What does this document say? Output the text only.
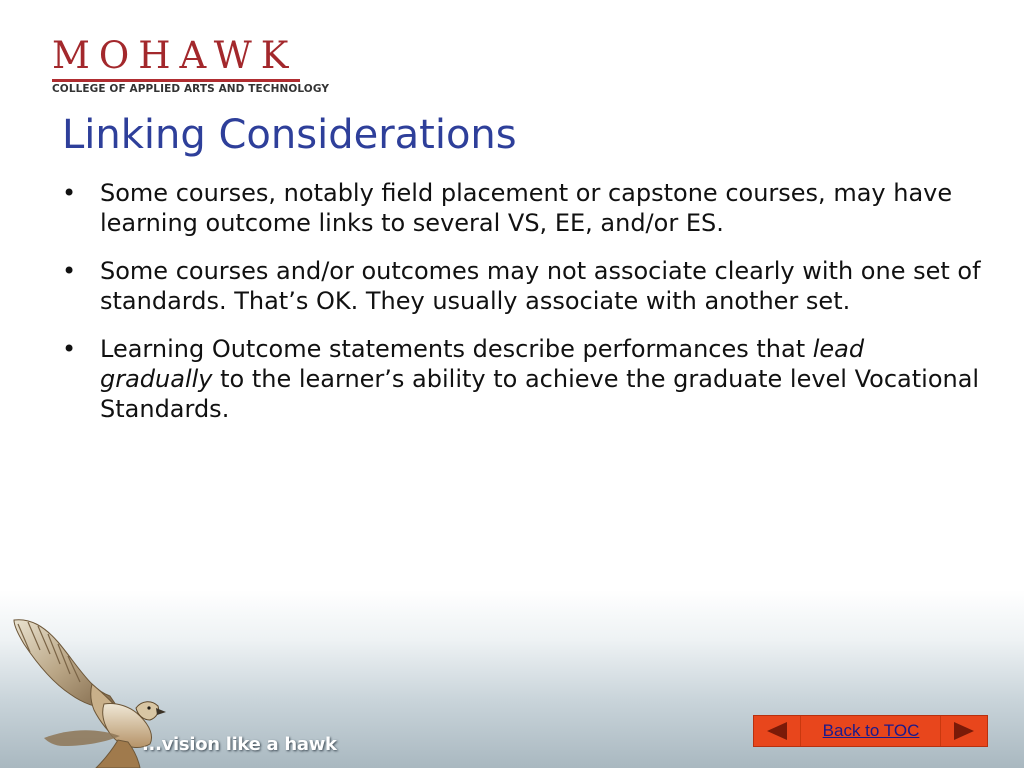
MOHAWK
COLLEGE OF APPLIED ARTS AND TECHNOLOGY
Linking Considerations
• Some courses, notably field placement or capstone courses, may have learning outcome links to several VS, EE, and/or ES.
• Some courses and/or outcomes may not associate clearly with one set of standards. That’s OK. They usually associate with another set.
• Learning Outcome statements describe performances that lead gradually to the learner’s ability to achieve the graduate level Vocational Standards.
...vision like a hawk
Back to TOC
